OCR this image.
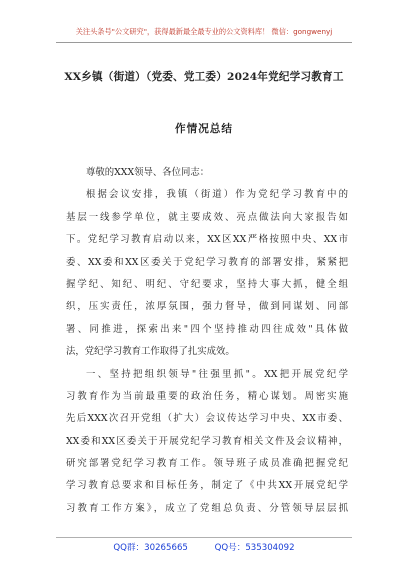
关注头条号"公文研究"，获得最新最全最专业的公文资料库！ 微信：gongwenyj
XX乡镇（街道）（党委、党工委）2024年党纪学习教育工
作情况总结
尊敬的XXX领导、各位同志：
根据会议安排，我镇（街道）作为党纪学习教育中的
基层一线参学单位，就主要成效、亮点做法向大家报告如
下。党纪学习教育启动以来，XX区XX严格按照中央、XX市
委、XX委和XX区委关于党纪学习教育的部署安排，紧紧把
握学纪、知纪、明纪、守纪要求，坚持大事大抓，健全组
织，压实责任，浓厚氛围，强力督导，做到同谋划、同部
署、同推进，探索出来"四个坚持推动四往成效"具体做
法，党纪学习教育工作取得了扎实成效。
一、坚持把组织领导"往强里抓"。XX把开展党纪学
习教育作为当前最重要的政治任务，精心谋划。周密实施
先后XXX次召开党组（扩大）会议传达学习中央、XX市委、
XX委和XX区委关于开展党纪学习教育相关文件及会议精神，
研究部署党纪学习教育工作。领导班子成员准确把握党纪
学习教育总要求和目标任务，制定了《中共XX开展党纪学
习教育工作方案》，成立了党组总负责、分管领导层层抓
QQ群：30265665	QQ号：535304092
